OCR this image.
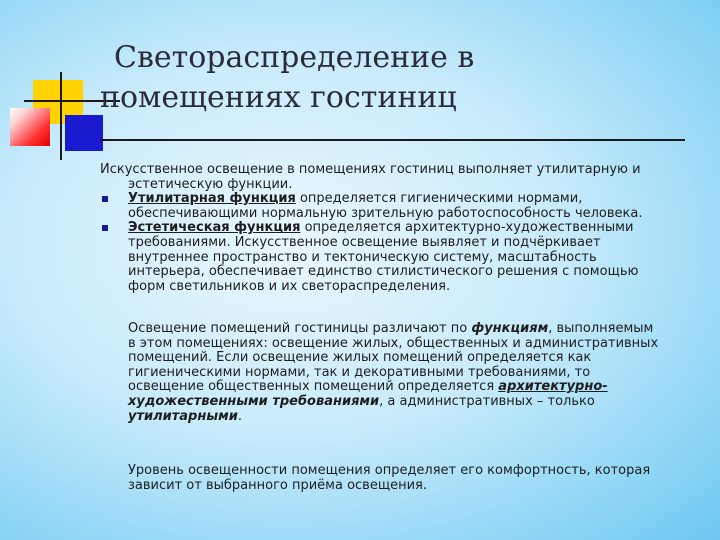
Светораспределение в
помещениях гостиниц

Искусственное освещение в помещениях гостиниц выполняет утилитарную и
эстетическую функции.

Утилитарная функция определяется гигиеническими нормами,
обеспечивающими нормальную зрительную работоспособность человека.
Эстетическая функция определяется архитектурно-художественными
требованиями. Искусственное освещение выявляет и подчёркивает
внутреннее пространство и тектоническую систему, масштабность
интерьера, обеспечивает единство стилистического решения с помощью
форм светильников и их светораспределения.
Освещение помещений гостиницы различают по функциям, выполняемым
в этом помещениях: освещение жилых, общественных и административных
помещений. Если освещение жилых помещений определяется как
гигиеническими нормами, так и декоративными требованиями, то
освещение общественных помещений определяется архитектурно-
художественными требованиями, а административных – только
утилитарными.
Уровень освещенности помещения определяет его комфортность, которая
зависит от выбранного приёма освещения.
